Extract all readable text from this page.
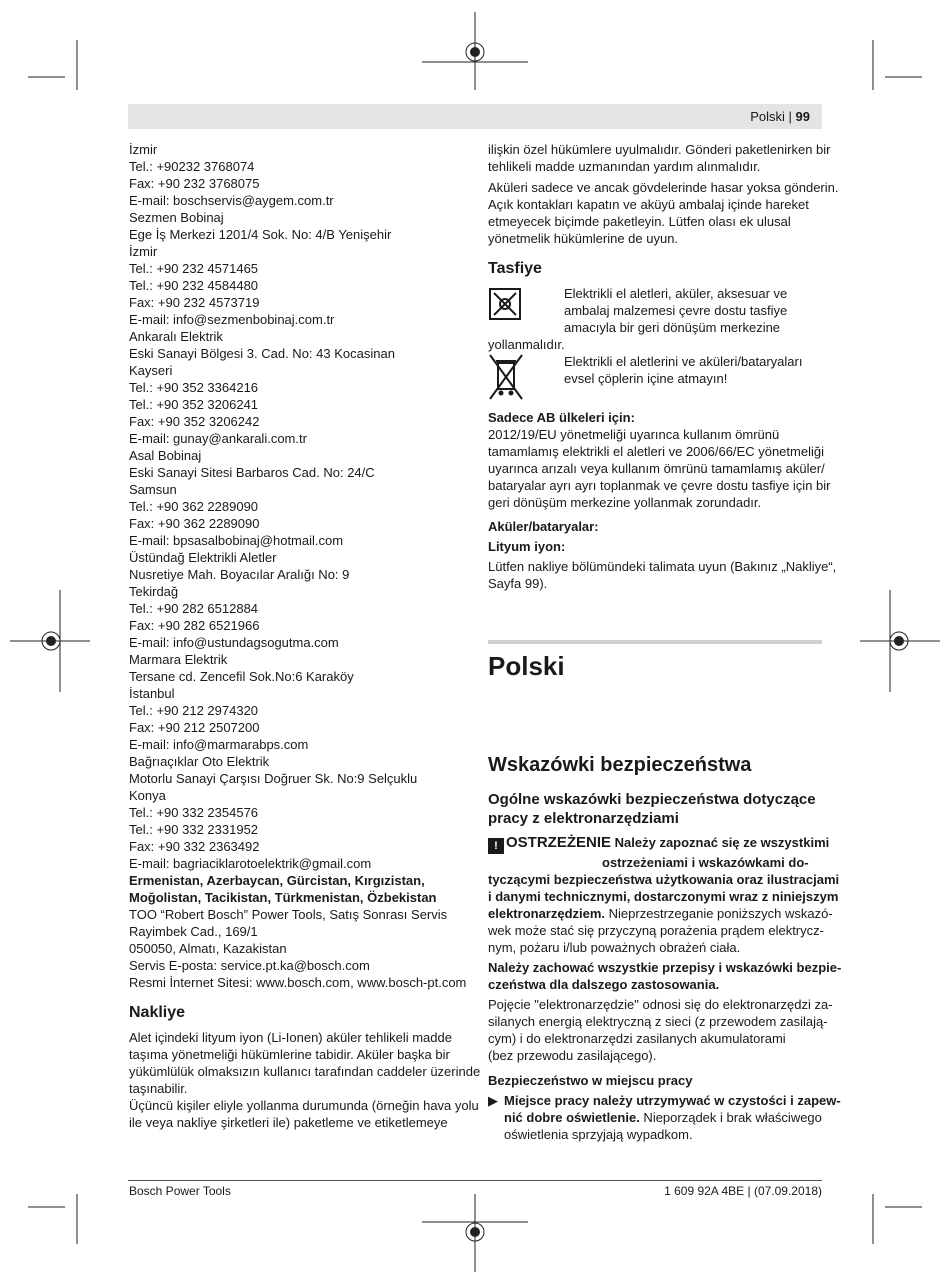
Polski | 99
İzmir
Tel.: +90232 3768074
Fax: +90 232 3768075
E-mail: boschservis@aygem.com.tr
Sezmen Bobinaj
Ege İş Merkezi 1201/4 Sok. No: 4/B Yenişehir
İzmir
Tel.: +90 232 4571465
Tel.: +90 232 4584480
Fax: +90 232 4573719
E-mail: info@sezmenbobinaj.com.tr
Ankaralı Elektrik
Eski Sanayi Bölgesi 3. Cad. No: 43 Kocasinan
Kayseri
Tel.: +90 352 3364216
Tel.: +90 352 3206241
Fax: +90 352 3206242
E-mail: gunay@ankarali.com.tr
Asal Bobinaj
Eski Sanayi Sitesi Barbaros Cad. No: 24/C
Samsun
Tel.: +90 362 2289090
Fax: +90 362 2289090
E-mail: bpsasalbobinaj@hotmail.com
Üstündağ Elektrikli Aletler
Nusretiye Mah. Boyacılar Aralığı No: 9
Tekirdağ
Tel.: +90 282 6512884
Fax: +90 282 6521966
E-mail: info@ustundagsogutma.com
Marmara Elektrik
Tersane cd. Zencefil Sok.No:6 Karaköy
İstanbul
Tel.: +90 212 2974320
Fax: +90 212 2507200
E-mail: info@marmarabps.com
Bağrıaçıklar Oto Elektrik
Motorlu Sanayi Çarşısı Doğruer Sk. No:9 Selçuklu
Konya
Tel.: +90 332 2354576
Tel.: +90 332 2331952
Fax: +90 332 2363492
E-mail: bagriaciklarotoelektrik@gmail.com
Ermenistan, Azerbaycan, Gürcistan, Kırgızistan,
Moğolistan, Tacikistan, Türkmenistan, Özbekistan
TOO “Robert Bosch” Power Tools, Satış Sonrası Servis
Rayimbek Cad., 169/1
050050, Almatı, Kazakistan
Servis E-posta: service.pt.ka@bosch.com
Resmi İnternet Sitesi: www.bosch.com, www.bosch-pt.com
Nakliye
Alet içindeki lityum iyon (Li-Ionen) aküler tehlikeli madde
taşıma yönetmeliği hükümlerine tabidir. Aküler başka bir
yükümlülük olmaksızın kullanıcı tarafından caddeler üzerinde
taşınabilir.
Üçüncü kişiler eliyle yollanma durumunda (örneğin hava yolu
ile veya nakliye şirketleri ile) paketleme ve etiketlemeye
ilişkin özel hükümlere uyulmalıdır. Gönderi paketlenirken bir
tehlikeli madde uzmanından yardım alınmalıdır.
Aküleri sadece ve ancak gövdelerinde hasar yoksa gönderin.
Açık kontakları kapatın ve aküyü ambalaj içinde hareket
etmeyecek biçimde paketleyin. Lütfen olası ek ulusal
yönetmelik hükümlerine de uyun.
Tasfiye
Elektrikli el aletleri, aküler, aksesuar ve
ambalaj malzemesi çevre dostu tasfiye
amacıyla bir geri dönüşüm merkezine
yollanmalıdır.
Elektrikli el aletlerini ve aküleri/bataryaları
evsel çöplerin içine atmayın!
Sadece AB ülkeleri için:
2012/19/EU yönetmeliği uyarınca kullanım ömrünü
tamamlamış elektrikli el aletleri ve 2006/66/EC yönetmeliği
uyarınca arızalı veya kullanım ömrünü tamamlamış aküler/
bataryalar ayrı ayrı toplanmak ve çevre dostu tasfiye için bir
geri dönüşüm merkezine yollanmak zorundadır.
Aküler/bataryalar:
Lityum iyon:
Lütfen nakliye bölümündeki talimata uyun (Bakınız „Nakliye“,
Sayfa 99).
Polski
Wskazówki bezpieczeństwa
Ogólne wskazówki bezpieczeństwa dotyczące
pracy z elektronarzędziami
! OSTRZEŻENIE Należy zapoznać się ze wszystkimi
ostrzeżeniami i wskazówkami do-
tyczącymi bezpieczeństwa użytkowania oraz ilustracjami
i danymi technicznymi, dostarczonymi wraz z niniejszym
elektronarzędziem. Nieprzestrzeganie poniższych wskazó-
wek może stać się przyczyną porażenia prądem elektrycz-
nym, pożaru i/lub poważnych obrażeń ciała.
Należy zachować wszystkie przepisy i wskazówki bezpie-
czeństwa dla dalszego zastosowania.
Pojęcie "elektronarzędzie" odnosi się do elektronarzędzi za-
silanych energią elektryczną z sieci (z przewodem zasilają-
cym) i do elektronarzędzi zasilanych akumulatorami
(bez przewodu zasilającego).
Bezpieczeństwo w miejscu pracy
▶ Miejsce pracy należy utrzymywać w czystości i zapew-
nić dobre oświetlenie. Nieporządek i brak właściwego
oświetlenia sprzyjają wypadkom.
Bosch Power Tools	1 609 92A 4BE | (07.09.2018)
